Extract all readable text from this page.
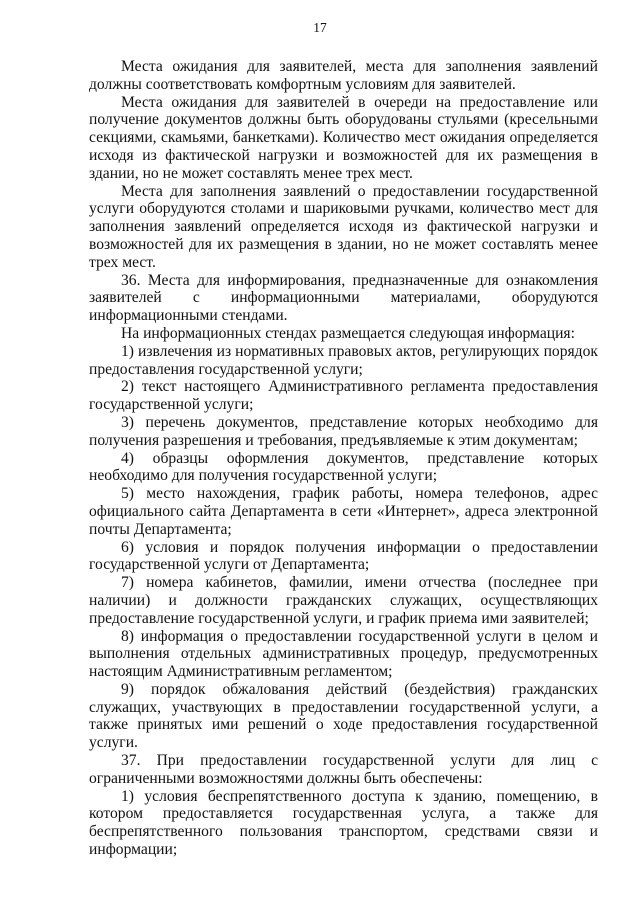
17

Места ожидания для заявителей, места для заполнения заявлений должны соответствовать комфортным условиям для заявителей.

Места ожидания для заявителей в очереди на предоставление или получение документов должны быть оборудованы стульями (кресельными секциями, скамьями, банкетками). Количество мест ожидания определяется исходя из фактической нагрузки и возможностей для их размещения в здании, но не может составлять менее трех мест.

Места для заполнения заявлений о предоставлении государственной услуги оборудуются столами и шариковыми ручками, количество мест для заполнения заявлений определяется исходя из фактической нагрузки и возможностей для их размещения в здании, но не может составлять менее трех мест.

36. Места для информирования, предназначенные для ознакомления заявителей с информационными материалами, оборудуются информационными стендами.

На информационных стендах размещается следующая информация:

1) извлечения из нормативных правовых актов, регулирующих порядок предоставления государственной услуги;

2) текст настоящего Административного регламента предоставления государственной услуги;

3) перечень документов, представление которых необходимо для получения разрешения и требования, предъявляемые к этим документам;

4) образцы оформления документов, представление которых необходимо для получения государственной услуги;

5) место нахождения, график работы, номера телефонов, адрес официального сайта Департамента в сети «Интернет», адреса электронной почты Департамента;

6) условия и порядок получения информации о предоставлении государственной услуги от Департамента;

7) номера кабинетов, фамилии, имени отчества (последнее при наличии) и должности гражданских служащих, осуществляющих предоставление государственной услуги, и график приема ими заявителей;

8) информация о предоставлении государственной услуги в целом и выполнения отдельных административных процедур, предусмотренных настоящим Административным регламентом;

9) порядок обжалования действий (бездействия) гражданских служащих, участвующих в предоставлении государственной услуги, а также принятых ими решений о ходе предоставления государственной услуги.

37. При предоставлении государственной услуги для лиц с ограниченными возможностями должны быть обеспечены:

1) условия беспрепятственного доступа к зданию, помещению, в котором предоставляется государственная услуга, а также для беспрепятственного пользования транспортом, средствами связи и информации;
